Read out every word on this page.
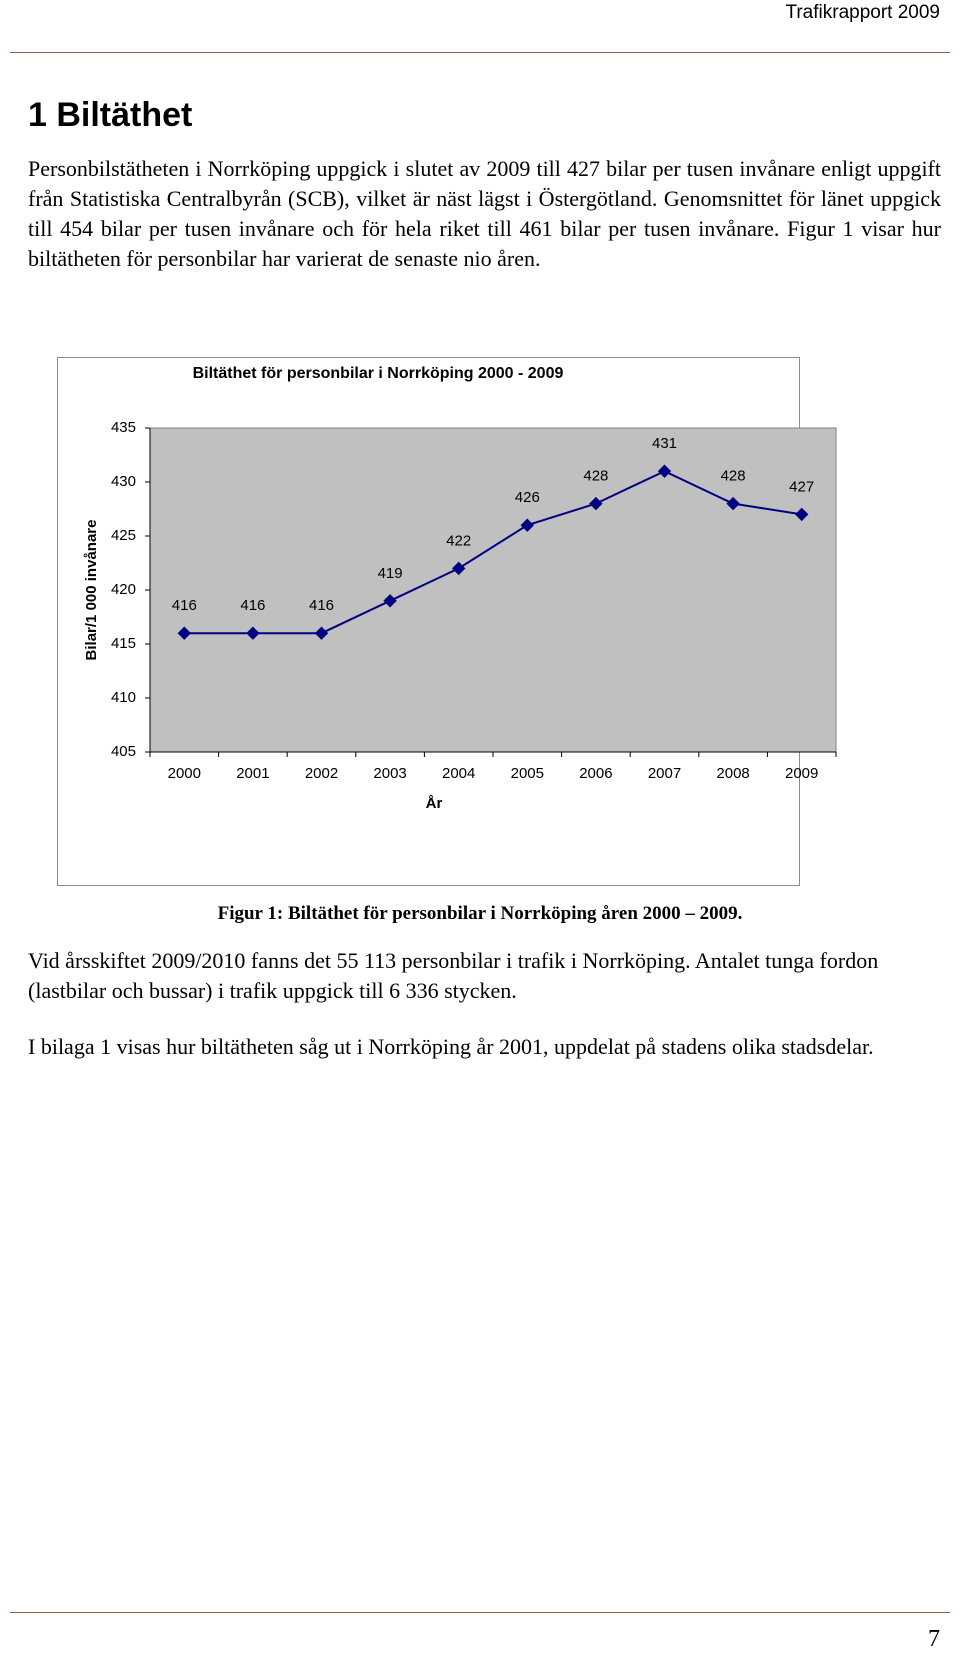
Trafikrapport 2009
1 Biltäthet

Personbilstätheten i Norrköping uppgick i slutet av 2009 till 427 bilar per tusen invånare enligt uppgift från Statistiska Centralbyrån (SCB), vilket är näst lägst i Östergötland. Genomsnittet för länet uppgick till 454 bilar per tusen invånare och för hela riket till 461 bilar per tusen invånare. Figur 1 visar hur biltätheten för personbilar har varierat de senaste nio åren.

Biltäthet för personbilar i Norrköping 2000 - 2009
405
410
415
420
425
430
435
2000 2001 2002 2003 2004 2005 2006 2007 2008 2009
416	416	416
419
422
426
428
431
428
427
Bilar/1 000 invånare
År

Figur 1: Biltäthet för personbilar i Norrköping åren 2000 – 2009.

Vid årsskiftet 2009/2010 fanns det 55 113 personbilar i trafik i Norrköping. Antalet tunga fordon (lastbilar och bussar) i trafik uppgick till 6 336 stycken.

I bilaga 1 visas hur biltätheten såg ut i Norrköping år 2001, uppdelat på stadens olika stadsdelar.

7
